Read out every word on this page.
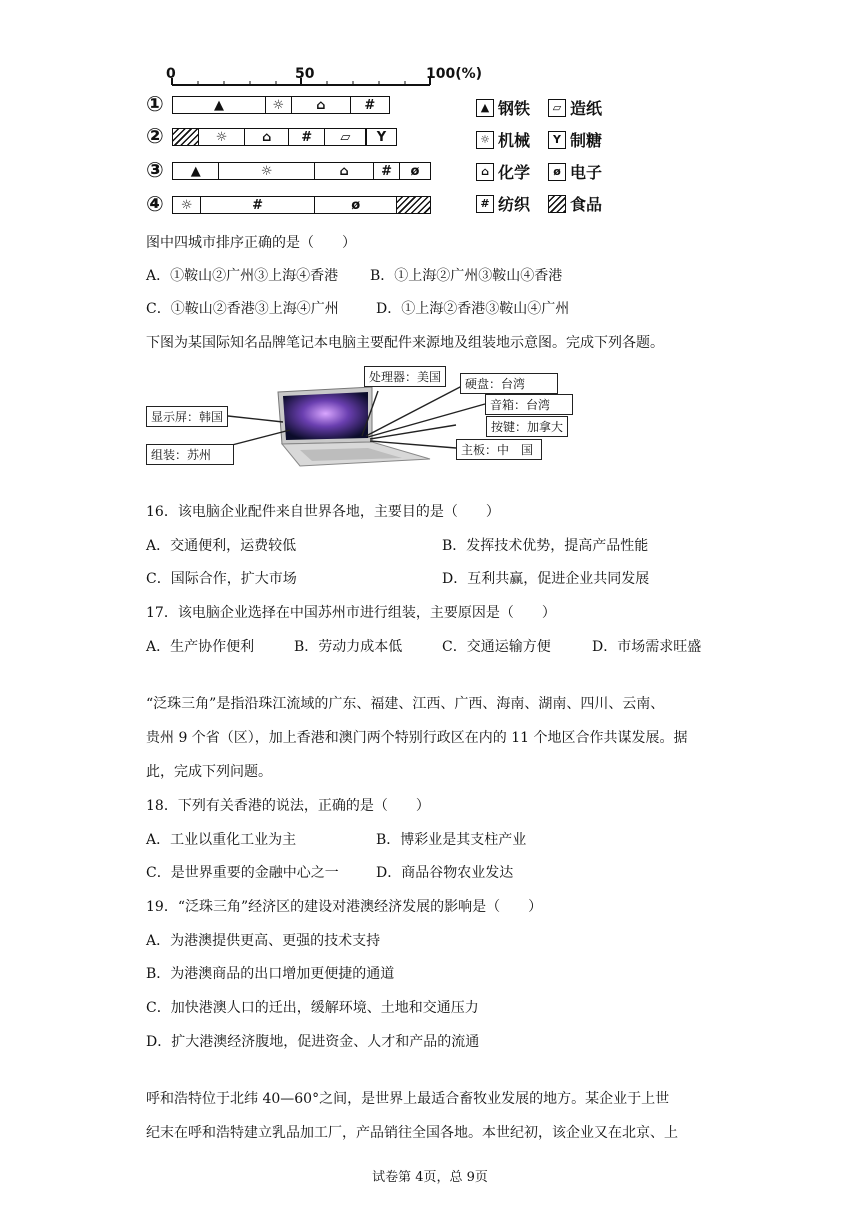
0	50	100(%)
①	▲	☼	⌂	#
②	☼	⌂	#	▱	Y
③	▲	☼	⌂	#	ø
④	☼	#	ø
▲ 钢铁	▱ 造纸
☼ 机械	Y 制糖
⌂ 化学	ø 电子
# 纺织 食品
图中四城市排序正确的是（　　）
A．①鞍山②广州③上海④香港 B．①上海②广州③鞍山④香港
C．①鞍山②香港③上海④广州	D．①上海②香港③鞍山④广州
下图为某国际知名品牌笔记本电脑主要配件来源地及组装地示意图。完成下列各题。
显示屏：韩国
组装：苏州
处理器：美国	硬盘：台湾
音箱：台湾
按键：加拿大
主板：中　国
16．该电脑企业配件来自世界各地，主要目的是（　　）
A．交通便利，运费较低	B．发挥技术优势，提高产品性能
C．国际合作，扩大市场	D．互利共赢，促进企业共同发展
17．该电脑企业选择在中国苏州市进行组装，主要原因是（　　）
A．生产协作便利	B．劳动力成本低	C．交通运输方便	D．市场需求旺盛
“泛珠三角”是指沿珠江流域的广东、福建、江西、广西、海南、湖南、四川、云南、
贵州 9 个省（区），加上香港和澳门两个特别行政区在内的 11 个地区合作共谋发展。据
此，完成下列问题。
18．下列有关香港的说法，正确的是（　　）
A．工业以重化工业为主	B．博彩业是其支柱产业
C．是世界重要的金融中心之一	D．商品谷物农业发达
19．“泛珠三角”经济区的建设对港澳经济发展的影响是（　　）
A．为港澳提供更高、更强的技术支持
B．为港澳商品的出口增加更便捷的通道
C．加快港澳人口的迁出，缓解环境、土地和交通压力
D．扩大港澳经济腹地，促进资金、人才和产品的流通
呼和浩特位于北纬 40—60°之间，是世界上最适合畜牧业发展的地方。某企业于上世
纪末在呼和浩特建立乳品加工厂，产品销往全国各地。本世纪初，该企业又在北京、上
试卷第 4页，总 9页
